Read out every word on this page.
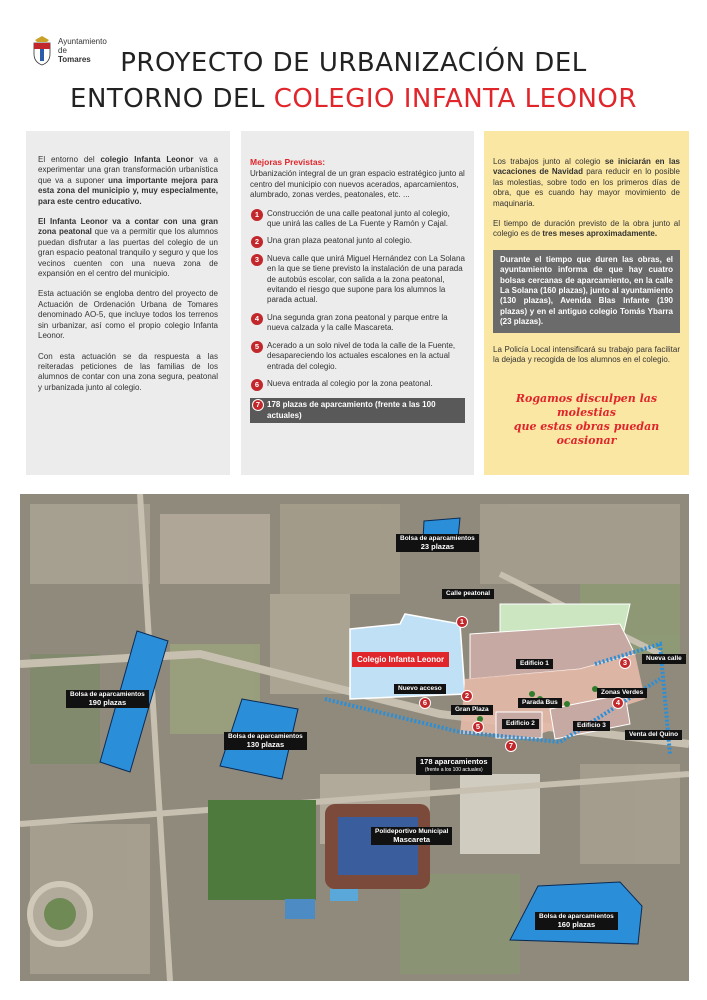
Ayuntamiento
de
Tomares	PROYECTO DE URBANIZACIÓN DEL
ENTORNO DEL COLEGIO INFANTA LEONOR

El entorno del colegio Infanta Leonor va a experimentar una gran transformación urbanística que va a suponer una importante mejora para esta zona del municipio y, muy especialmente, para este centro educativo.

El Infanta Leonor va a contar con una gran zona peatonal que va a permitir que los alumnos puedan disfrutar a las puertas del colegio de un gran espacio peatonal tranquilo y seguro y que los vecinos cuenten con una nueva zona de expansión en el centro del municipio.

Esta actuación se engloba dentro del proyecto de Actuación de Ordenación Urbana de Tomares denominado AO-5, que incluye todos los terrenos sin urbanizar, así como el propio colegio Infanta Leonor.

Con esta actuación se da respuesta a las reiteradas peticiones de las familias de los alumnos de contar con una zona segura, peatonal y urbanizada junto al colegio.

Mejoras Previstas:
Urbanización integral de un gran espacio estratégico junto al centro del municipio con nuevos acerados, aparcamientos, alumbrado, zonas verdes, peatonales, etc. ...
1 Construcción de una calle peatonal junto al colegio, que unirá las calles de La Fuente y Ramón y Cajal.
2 Una gran plaza peatonal junto al colegio.
3 Nueva calle que unirá Miguel Hernández con La Solana en la que se tiene previsto la instalación de una parada de autobús escolar, con salida a la zona peatonal, evitando el riesgo que supone para los alumnos la parada actual.
4 Una segunda gran zona peatonal y parque entre la nueva calzada y la calle Mascareta.
5 Acerado a un solo nivel de toda la calle de la Fuente, desapareciendo los actuales escalones en la actual entrada del colegio.
6 Nueva entrada al colegio por la zona peatonal.
7 178 plazas de aparcamiento (frente a las 100 actuales)

Los trabajos junto al colegio se iniciarán en las vacaciones de Navidad para reducir en lo posible las molestias, sobre todo en los primeros días de obra, que es cuando hay mayor movimiento de maquinaria.

El tiempo de duración previsto de la obra junto al colegio es de tres meses aproximadamente.

Durante el tiempo que duren las obras, el ayuntamiento informa de que hay cuatro bolsas cercanas de aparcamiento, en la calle La Solana (160 plazas), junto al ayuntamiento (130 plazas), Avenida Blas Infante (190 plazas) y en el antiguo colegio Tomás Ybarra (23 plazas).

La Policía Local intensificará su trabajo para facilitar la dejada y recogida de los alumnos en el colegio.

Rogamos disculpen las molestias
que estas obras puedan ocasionar
Bolsa de aparcamientos
23 plazas
Calle peatonal
Bolsa de aparcamientos
190 plazas
Bolsa de aparcamientos
130 plazas
Bolsa de aparcamientos
160 plazas
Colegio Infanta Leonor	Edificio 1
Edificio 2	Edificio 3
Nueva calle
Zonas Verdes
Parada Bus
Nuevo acceso
Gran Plaza
Venta del Quino
178 aparcamientos
(frente a los 100 actuales)
Polideportivo Municipal
Mascareta
1
2
3
4
5
6
7
